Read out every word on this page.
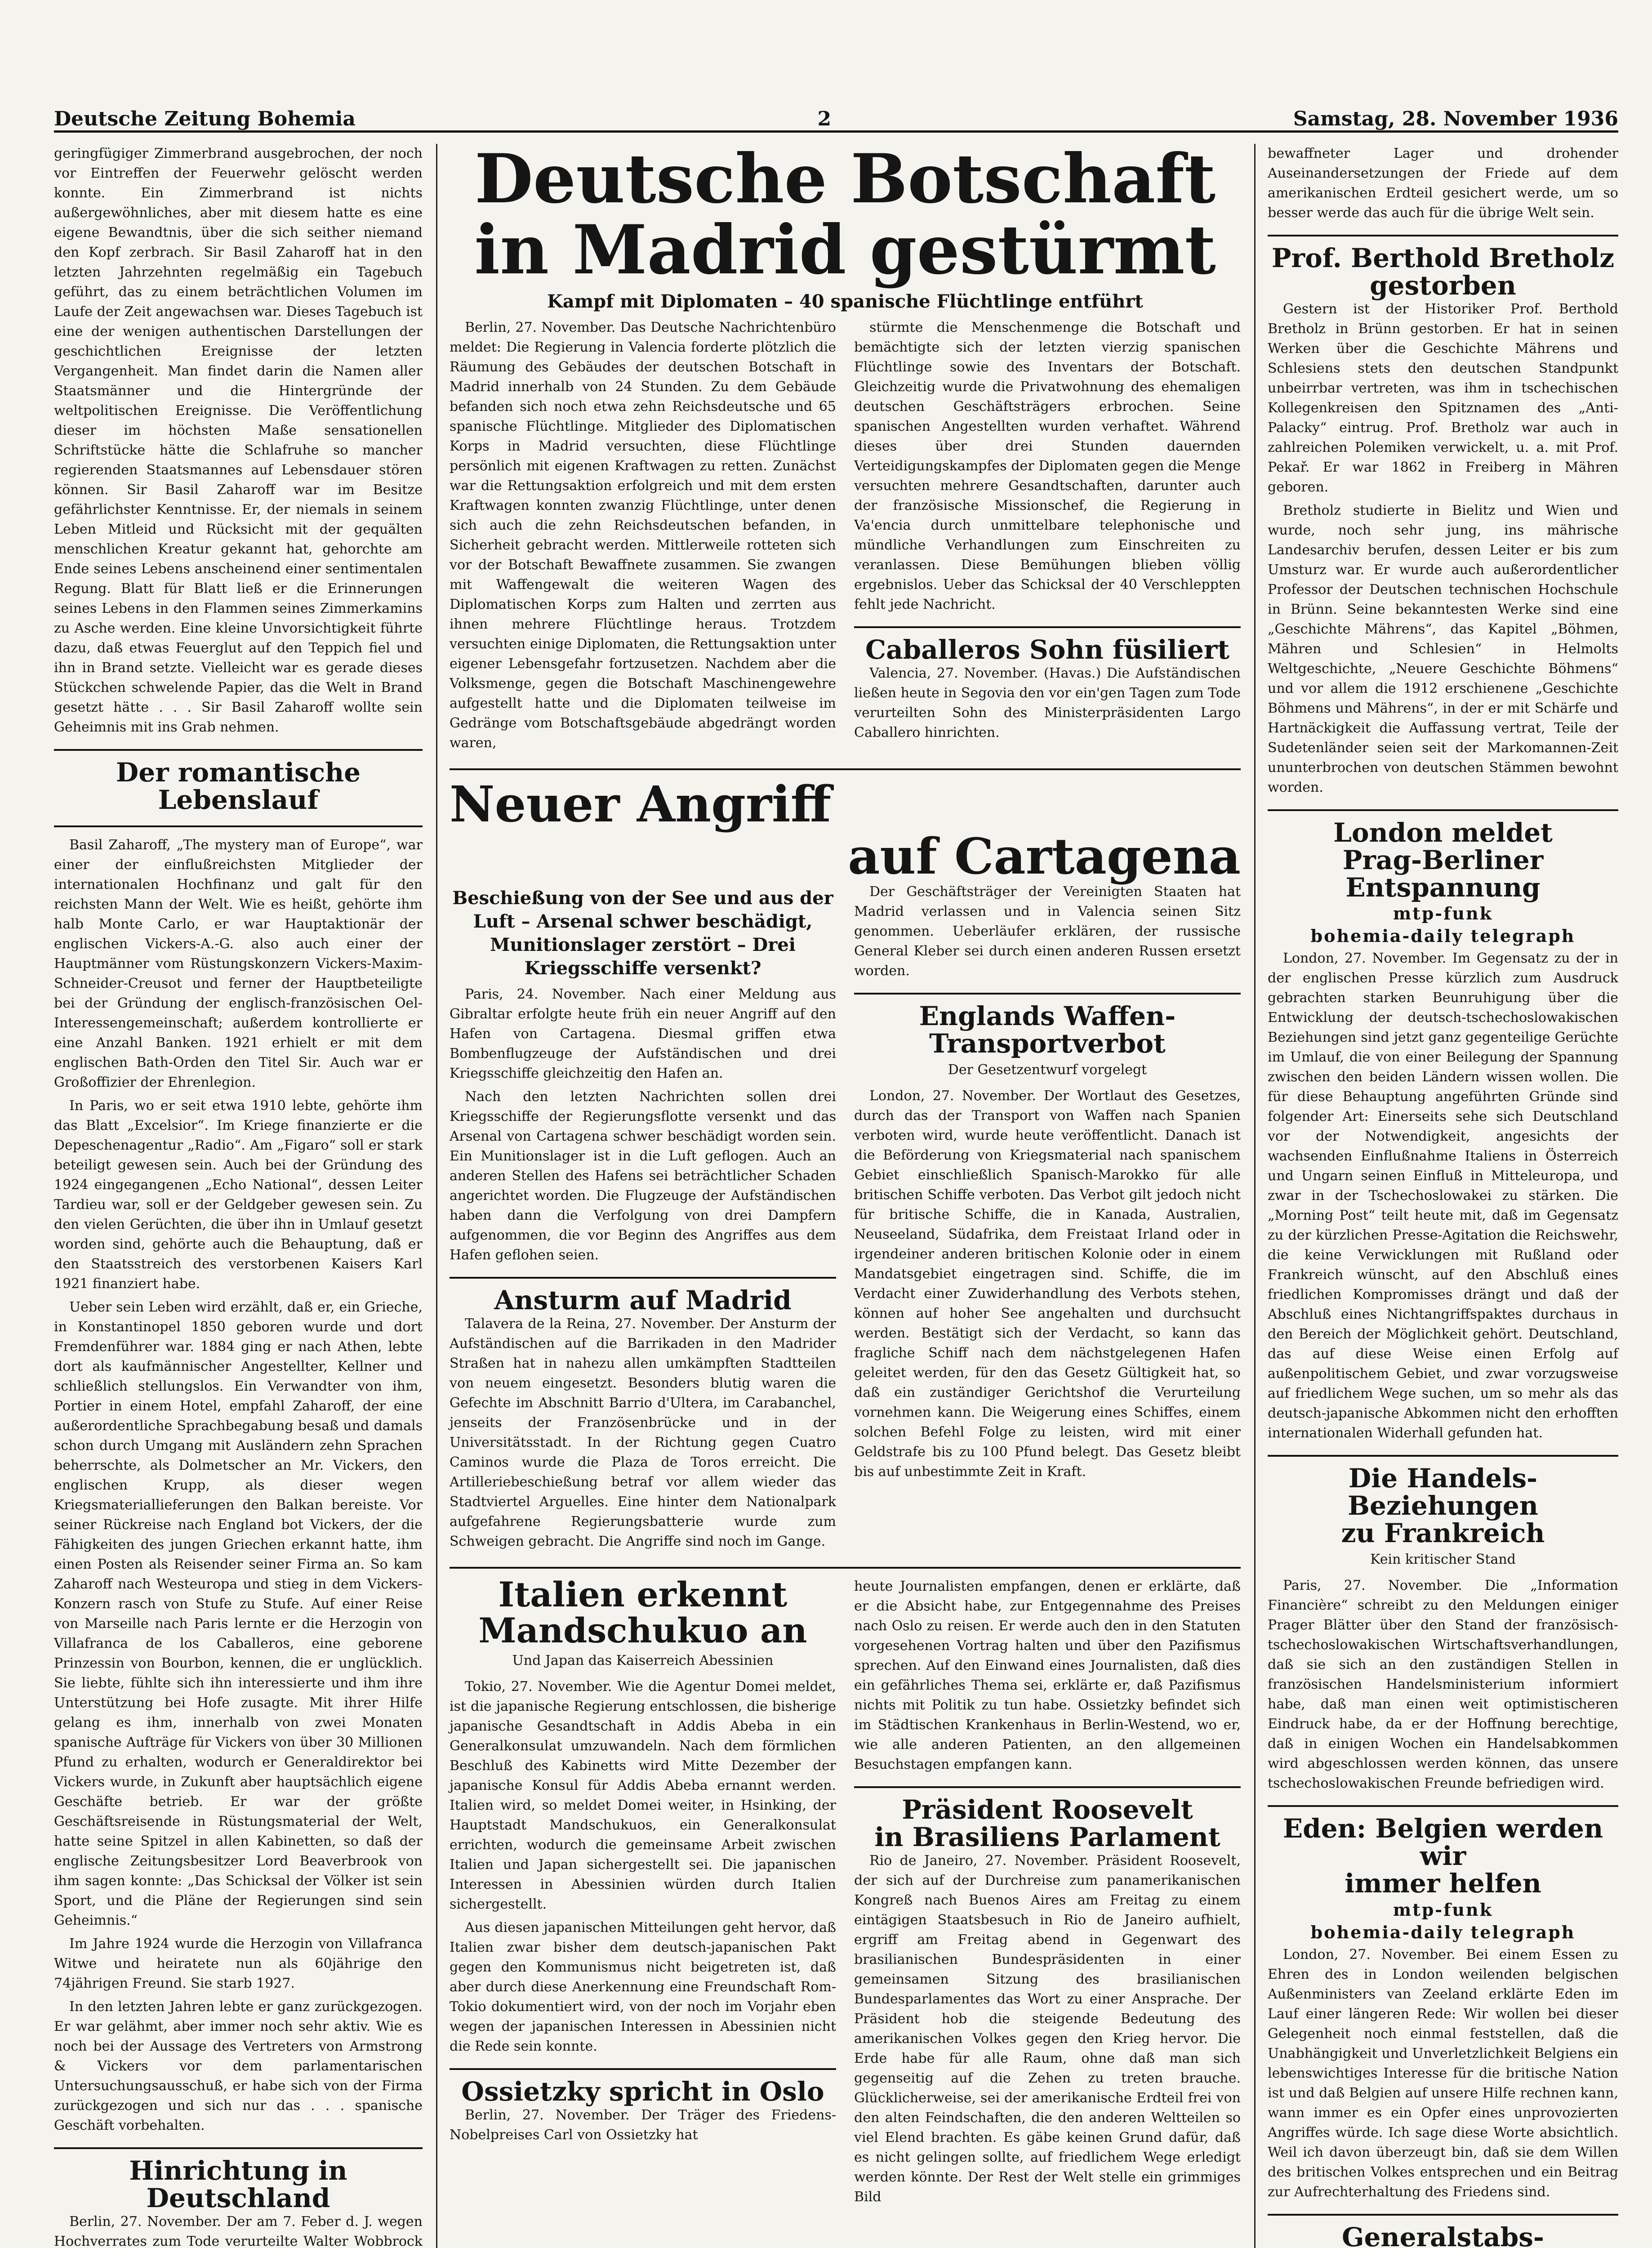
Deutsche Zeitung Bohemia	2	Samstag, 28. November 1936

geringfügiger Zimmerbrand ausgebrochen, der noch vor Eintreffen der Feuerwehr gelöscht werden konnte. Ein Zimmerbrand ist nichts außergewöhnliches, aber mit diesem hatte es eine eigene Bewandtnis, über die sich seither niemand den Kopf zerbrach. Sir Basil Zaharoff hat in den letzten Jahrzehnten regelmäßig ein Tagebuch geführt, das zu einem beträchtlichen Volumen im Laufe der Zeit angewachsen war. Dieses Tagebuch ist eine der wenigen authentischen Darstellungen der geschichtlichen Ereignisse der letzten Vergangenheit. Man findet darin die Namen aller Staatsmänner und die Hintergründe der weltpolitischen Ereignisse. Die Veröffentlichung dieser im höchsten Maße sensationellen Schriftstücke hätte die Schlafruhe so mancher regierenden Staatsmannes auf Lebensdauer stören können. Sir Basil Zaharoff war im Besitze gefährlichster Kenntnisse. Er, der niemals in seinem Leben Mitleid und Rücksicht mit der gequälten menschlichen Kreatur gekannt hat, gehorchte am Ende seines Lebens anscheinend einer sentimentalen Regung. Blatt für Blatt ließ er die Erinnerungen seines Lebens in den Flammen seines Zimmerkamins zu Asche werden. Eine kleine Unvorsichtigkeit führte dazu, daß etwas Feuerglut auf den Teppich fiel und ihn in Brand setzte. Vielleicht war es gerade dieses Stückchen schwelende Papier, das die Welt in Brand gesetzt hätte . . . Sir Basil Zaharoff wollte sein Geheimnis mit ins Grab nehmen.

Der romantische Lebenslauf

Basil Zaharoff, „The mystery man of Europe“, war einer der einflußreichsten Mitglieder der internationalen Hochfinanz und galt für den reichsten Mann der Welt. Wie es heißt, gehörte ihm halb Monte Carlo, er war Hauptaktionär der englischen Vickers-A.-G. also auch einer der Hauptmänner vom Rüstungskonzern Vickers-Maxim-Schneider-Creusot und ferner der Hauptbeteiligte bei der Gründung der englisch-französischen Oel-Interessengemeinschaft; außerdem kontrollierte er eine Anzahl Banken. 1921 erhielt er mit dem englischen Bath-Orden den Titel Sir. Auch war er Großoffizier der Ehrenlegion.

In Paris, wo er seit etwa 1910 lebte, gehörte ihm das Blatt „Excelsior“. Im Kriege finanzierte er die Depeschenagentur „Radio“. Am „Figaro“ soll er stark beteiligt gewesen sein. Auch bei der Gründung des 1924 eingegangenen „Echo National“, dessen Leiter Tardieu war, soll er der Geldgeber gewesen sein. Zu den vielen Gerüchten, die über ihn in Umlauf gesetzt worden sind, gehörte auch die Behauptung, daß er den Staatsstreich des verstorbenen Kaisers Karl 1921 finanziert habe.

Ueber sein Leben wird erzählt, daß er, ein Grieche, in Konstantinopel 1850 geboren wurde und dort Fremdenführer war. 1884 ging er nach Athen, lebte dort als kaufmännischer Angestellter, Kellner und schließlich stellungslos. Ein Verwandter von ihm, Portier in einem Hotel, empfahl Zaharoff, der eine außerordentliche Sprachbegabung besaß und damals schon durch Umgang mit Ausländern zehn Sprachen beherrschte, als Dolmetscher an Mr. Vickers, den englischen Krupp, als dieser wegen Kriegsmateriallieferungen den Balkan bereiste. Vor seiner Rückreise nach England bot Vickers, der die Fähigkeiten des jungen Griechen erkannt hatte, ihm einen Posten als Reisender seiner Firma an. So kam Zaharoff nach Westeuropa und stieg in dem Vickers-Konzern rasch von Stufe zu Stufe. Auf einer Reise von Marseille nach Paris lernte er die Herzogin von Villafranca de los Caballeros, eine geborene Prinzessin von Bourbon, kennen, die er unglücklich. Sie liebte, fühlte sich ihn interessierte und ihm ihre Unterstützung bei Hofe zusagte. Mit ihrer Hilfe gelang es ihm, innerhalb von zwei Monaten spanische Aufträge für Vickers von über 30 Millionen Pfund zu erhalten, wodurch er Generaldirektor bei Vickers wurde, in Zukunft aber hauptsächlich eigene Geschäfte betrieb. Er war der größte Geschäftsreisende in Rüstungsmaterial der Welt, hatte seine Spitzel in allen Kabinetten, so daß der englische Zeitungsbesitzer Lord Beaverbrook von ihm sagen konnte: „Das Schicksal der Völker ist sein Sport, und die Pläne der Regierungen sind sein Geheimnis.“

Im Jahre 1924 wurde die Herzogin von Villafranca Witwe und heiratete nun als 60jährige den 74jährigen Freund. Sie starb 1927.

In den letzten Jahren lebte er ganz zurückgezogen. Er war gelähmt, aber immer noch sehr aktiv. Wie es noch bei der Aussage des Vertreters von Armstrong & Vickers vor dem parlamentarischen Untersuchungsausschuß, er habe sich von der Firma zurückgezogen und sich nur das . . . spanische Geschäft vorbehalten.

Hinrichtung in Deutschland

Berlin, 27. November. Der am 7. Feber d. J. wegen Hochverrates zum Tode verurteilte Walter Wobbrock

Deutsche Botschaft
in Madrid gestürmt
Kampf mit Diplomaten – 40 spanische Flüchtlinge entführt

Berlin, 27. November. Das Deutsche Nachrichtenbüro meldet: Die Regierung in Valencia forderte plötzlich die Räumung des Gebäudes der deutschen Botschaft in Madrid innerhalb von 24 Stunden. Zu dem Gebäude befanden sich noch etwa zehn Reichsdeutsche und 65 spanische Flüchtlinge. Mitglieder des Diplomatischen Korps in Madrid versuchten, diese Flüchtlinge persönlich mit eigenen Kraftwagen zu retten. Zunächst war die Rettungsaktion erfolgreich und mit dem ersten Kraftwagen konnten zwanzig Flüchtlinge, unter denen sich auch die zehn Reichsdeutschen befanden, in Sicherheit gebracht werden. Mittlerweile rotteten sich vor der Botschaft Bewaffnete zusammen. Sie zwangen mit Waffengewalt die weiteren Wagen des Diplomatischen Korps zum Halten und zerrten aus ihnen mehrere Flüchtlinge heraus. Trotzdem versuchten einige Diplomaten, die Rettungsaktion unter eigener Lebensgefahr fortzusetzen. Nachdem aber die Volksmenge, gegen die Botschaft Maschinengewehre aufgestellt hatte und die Diplomaten teilweise im Gedränge vom Botschaftsgebäude abgedrängt worden waren,

stürmte die Menschenmenge die Botschaft und bemächtigte sich der letzten vierzig spanischen Flüchtlinge sowie des Inventars der Botschaft. Gleichzeitig wurde die Privatwohnung des ehemaligen deutschen Geschäftsträgers erbrochen. Seine spanischen Angestellten wurden verhaftet. Während dieses über drei Stunden dauernden Verteidigungskampfes der Diplomaten gegen die Menge versuchten mehrere Gesandtschaften, darunter auch der französische Missionschef, die Regierung in Va'encia durch unmittelbare telephonische und mündliche Verhandlungen zum Einschreiten zu veranlassen. Diese Bemühungen blieben völlig ergebnislos. Ueber das Schicksal der 40 Verschleppten fehlt jede Nachricht.

Caballeros Sohn füsiliert

Valencia, 27. November. (Havas.) Die Aufständischen ließen heute in Segovia den vor ein'gen Tagen zum Tode verurteilten Sohn des Ministerpräsidenten Largo Caballero hinrichten.

Neuer Angriff
auf Cartagena
Beschießung von der See und aus der Luft – Arsenal schwer beschädigt, Munitionslager zerstört – Drei Kriegsschiffe versenkt?

Paris, 24. November. Nach einer Meldung aus Gibraltar erfolgte heute früh ein neuer Angriff auf den Hafen von Cartagena. Diesmal griffen etwa Bombenflugzeuge der Aufständischen und drei Kriegsschiffe gleichzeitig den Hafen an.

Nach den letzten Nachrichten sollen drei Kriegsschiffe der Regierungsflotte versenkt und das Arsenal von Cartagena schwer beschädigt worden sein. Ein Munitionslager ist in die Luft geflogen. Auch an anderen Stellen des Hafens sei beträchtlicher Schaden angerichtet worden. Die Flugzeuge der Aufständischen haben dann die Verfolgung von drei Dampfern aufgenommen, die vor Beginn des Angriffes aus dem Hafen geflohen seien.

Ansturm auf Madrid

Talavera de la Reina, 27. November. Der Ansturm der Aufständischen auf die Barrikaden in den Madrider Straßen hat in nahezu allen umkämpften Stadtteilen von neuem eingesetzt. Besonders blutig waren die Gefechte im Abschnitt Barrio d'Ultera, im Carabanchel, jenseits der Französenbrücke und in der Universitätsstadt. In der Richtung gegen Cuatro Caminos wurde die Plaza de Toros erreicht. Die Artilleriebeschießung betraf vor allem wieder das Stadtviertel Arguelles. Eine hinter dem Nationalpark aufgefahrene Regierungsbatterie wurde zum Schweigen gebracht. Die Angriffe sind noch im Gange.

Der Geschäftsträger der Vereinigten Staaten hat Madrid verlassen und in Valencia seinen Sitz genommen. Ueberläufer erklären, der russische General Kleber sei durch einen anderen Russen ersetzt worden.

Englands Waffen-Transportverbot
Der Gesetzentwurf vorgelegt

London, 27. November. Der Wortlaut des Gesetzes, durch das der Transport von Waffen nach Spanien verboten wird, wurde heute veröffentlicht. Danach ist die Beförderung von Kriegsmaterial nach spanischem Gebiet einschließlich Spanisch-Marokko für alle britischen Schiffe verboten. Das Verbot gilt jedoch nicht für britische Schiffe, die in Kanada, Australien, Neuseeland, Südafrika, dem Freistaat Irland oder in irgendeiner anderen britischen Kolonie oder in einem Mandatsgebiet eingetragen sind. Schiffe, die im Verdacht einer Zuwiderhandlung des Verbots stehen, können auf hoher See angehalten und durchsucht werden. Bestätigt sich der Verdacht, so kann das fragliche Schiff nach dem nächstgelegenen Hafen geleitet werden, für den das Gesetz Gültigkeit hat, so daß ein zuständiger Gerichtshof die Verurteilung vornehmen kann. Die Weigerung eines Schiffes, einem solchen Befehl Folge zu leisten, wird mit einer Geldstrafe bis zu 100 Pfund belegt. Das Gesetz bleibt bis auf unbestimmte Zeit in Kraft.

Italien erkennt
Mandschukuo an
Und Japan das Kaiserreich Abessinien

Tokio, 27. November. Wie die Agentur Domei meldet, ist die japanische Regierung entschlossen, die bisherige japanische Gesandtschaft in Addis Abeba in ein Generalkonsulat umzuwandeln. Nach dem förmlichen Beschluß des Kabinetts wird Mitte Dezember der japanische Konsul für Addis Abeba ernannt werden. Italien wird, so meldet Domei weiter, in Hsinking, der Hauptstadt Mandschukuos, ein Generalkonsulat errichten, wodurch die gemeinsame Arbeit zwischen Italien und Japan sichergestellt sei. Die japanischen Interessen in Abessinien würden durch Italien sichergestellt.

Aus diesen japanischen Mitteilungen geht hervor, daß Italien zwar bisher dem deutsch-japanischen Pakt gegen den Kommunismus nicht beigetreten ist, daß aber durch diese Anerkennung eine Freundschaft Rom-Tokio dokumentiert wird, von der noch im Vorjahr eben wegen der japanischen Interessen in Abessinien nicht die Rede sein konnte.

Ossietzky spricht in Oslo

Berlin, 27. November. Der Träger des Friedens-Nobelpreises Carl von Ossietzky hat

heute Journalisten empfangen, denen er erklärte, daß er die Absicht habe, zur Entgegennahme des Preises nach Oslo zu reisen. Er werde auch den in den Statuten vorgesehenen Vortrag halten und über den Pazifismus sprechen. Auf den Einwand eines Journalisten, daß dies ein gefährliches Thema sei, erklärte er, daß Pazifismus nichts mit Politik zu tun habe. Ossietzky befindet sich im Städtischen Krankenhaus in Berlin-Westend, wo er, wie alle anderen Patienten, an den allgemeinen Besuchstagen empfangen kann.

Präsident Roosevelt
in Brasiliens Parlament

Rio de Janeiro, 27. November. Präsident Roosevelt, der sich auf der Durchreise zum panamerikanischen Kongreß nach Buenos Aires am Freitag zu einem eintägigen Staatsbesuch in Rio de Janeiro aufhielt, ergriff am Freitag abend in Gegenwart des brasilianischen Bundespräsidenten in einer gemeinsamen Sitzung des brasilianischen Bundesparlamentes das Wort zu einer Ansprache. Der Präsident hob die steigende Bedeutung des amerikanischen Volkes gegen den Krieg hervor. Die Erde habe für alle Raum, ohne daß man sich gegenseitig auf die Zehen zu treten brauche. Glücklicherweise, sei der amerikanische Erdteil frei von den alten Feindschaften, die den anderen Weltteilen so viel Elend brachten. Es gäbe keinen Grund dafür, daß es nicht gelingen sollte, auf friedlichem Wege erledigt werden könnte. Der Rest der Welt stelle ein grimmiges Bild

bewaffneter Lager und drohender Auseinandersetzungen der Friede auf dem amerikanischen Erdteil gesichert werde, um so besser werde das auch für die übrige Welt sein.

Prof. Berthold Bretholz
gestorben

Gestern ist der Historiker Prof. Berthold Bretholz in Brünn gestorben. Er hat in seinen Werken über die Geschichte Mährens und Schlesiens stets den deutschen Standpunkt unbeirrbar vertreten, was ihm in tschechischen Kollegenkreisen den Spitznamen des „Anti-Palacky“ eintrug. Prof. Bretholz war auch in zahlreichen Polemiken verwickelt, u. a. mit Prof. Pekař. Er war 1862 in Freiberg in Mähren geboren.

Bretholz studierte in Bielitz und Wien und wurde, noch sehr jung, ins mährische Landesarchiv berufen, dessen Leiter er bis zum Umsturz war. Er wurde auch außerordentlicher Professor der Deutschen technischen Hochschule in Brünn. Seine bekanntesten Werke sind eine „Geschichte Mährens“, das Kapitel „Böhmen, Mähren und Schlesien“ in Helmolts Weltgeschichte, „Neuere Geschichte Böhmens“ und vor allem die 1912 erschienene „Geschichte Böhmens und Mährens“, in der er mit Schärfe und Hartnäckigkeit die Auffassung vertrat, Teile der Sudetenländer seien seit der Markomannen-Zeit ununterbrochen von deutschen Stämmen bewohnt worden.

London meldet
Prag-Berliner Entspannung
mtp-funk
bohemia-daily telegraph

London, 27. November. Im Gegensatz zu der in der englischen Presse kürzlich zum Ausdruck gebrachten starken Beunruhigung über die Entwicklung der deutsch-tschechoslowakischen Beziehungen sind jetzt ganz gegenteilige Gerüchte im Umlauf, die von einer Beilegung der Spannung zwischen den beiden Ländern wissen wollen. Die für diese Behauptung angeführten Gründe sind folgender Art: Einerseits sehe sich Deutschland vor der Notwendigkeit, angesichts der wachsenden Einflußnahme Italiens in Österreich und Ungarn seinen Einfluß in Mitteleuropa, und zwar in der Tschechoslowakei zu stärken. Die „Morning Post“ teilt heute mit, daß im Gegensatz zu der kürzlichen Presse-Agitation die Reichswehr, die keine Verwicklungen mit Rußland oder Frankreich wünscht, auf den Abschluß eines friedlichen Kompromisses drängt und daß der Abschluß eines Nichtangriffspaktes durchaus in den Bereich der Möglichkeit gehört. Deutschland, das auf diese Weise einen Erfolg auf außenpolitischem Gebiet, und zwar vorzugsweise auf friedlichem Wege suchen, um so mehr als das deutsch-japanische Abkommen nicht den erhofften internationalen Widerhall gefunden hat.

Die Handels-Beziehungen
zu Frankreich
Kein kritischer Stand

Paris, 27. November. Die „Information Financière“ schreibt zu den Meldungen einiger Prager Blätter über den Stand der französisch-tschechoslowakischen Wirtschaftsverhandlungen, daß sie sich an den zuständigen Stellen in französischen Handelsministerium informiert habe, daß man einen weit optimistischeren Eindruck habe, da er der Hoffnung berechtige, daß in einigen Wochen ein Handelsabkommen wird abgeschlossen werden können, das unsere tschechoslowakischen Freunde befriedigen wird.

Eden: Belgien werden wir
immer helfen
mtp-funk
bohemia-daily telegraph

London, 27. November. Bei einem Essen zu Ehren des in London weilenden belgischen Außenministers van Zeeland erklärte Eden im Lauf einer längeren Rede: Wir wollen bei dieser Gelegenheit noch einmal feststellen, daß die Unabhängigkeit und Unverletzlichkeit Belgiens ein lebenswichtiges Interesse für die britische Nation ist und daß Belgien auf unsere Hilfe rechnen kann, wann immer es ein Opfer eines unprovozierten Angriffes würde. Ich sage diese Worte absichtlich. Weil ich davon überzeugt bin, daß sie dem Willen des britischen Volkes entsprechen und ein Beitrag zur Aufrechterhaltung des Friedens sind.

Generalstabs-
